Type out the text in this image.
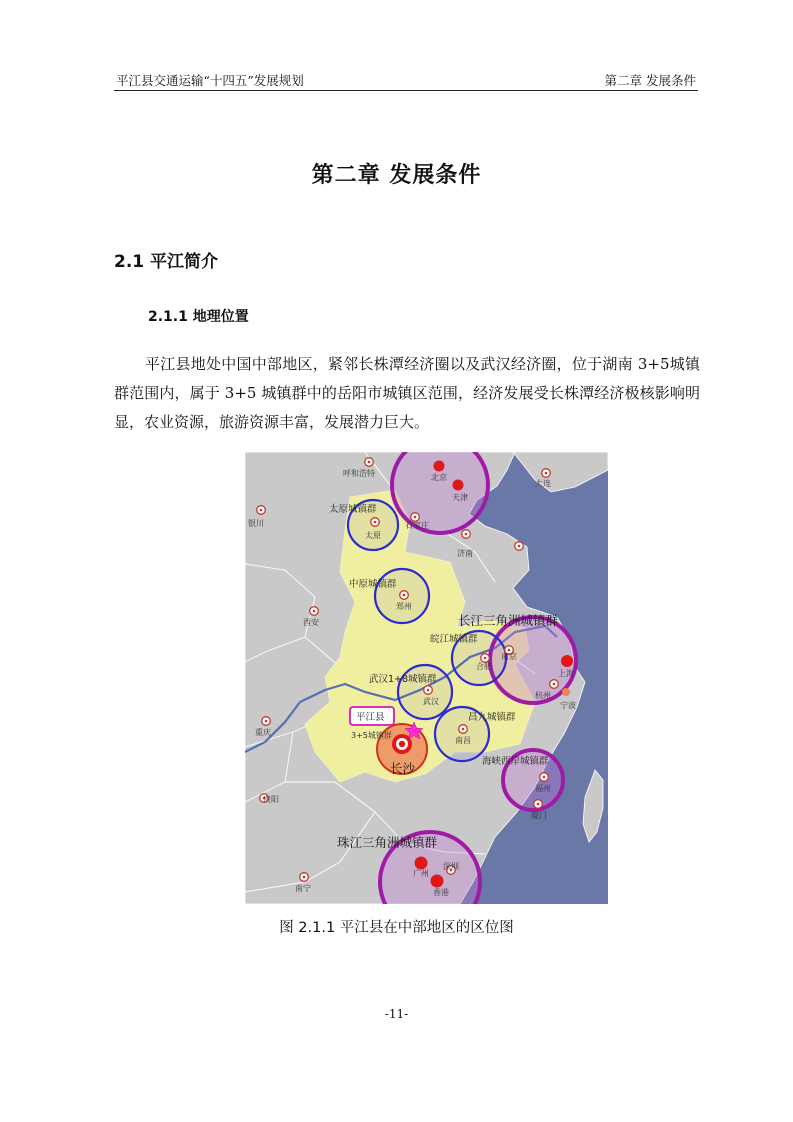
平江县交通运输“十四五”发展规划	第二章 发展条件
第二章 发展条件
2.1 平江简介
2.1.1 地理位置
平江县地处中国中部地区，紧邻长株潭经济圈以及武汉经济圈，位于湖南 3+5城镇群范围内，属于 3+5 城镇群中的岳阳市城镇区范围，经济发展受长株潭经济极核影响明显，农业资源，旅游资源丰富，发展潜力巨大。
呼和浩特	北京
天津
大连
银川
太原
石家庄
济南
郑州
西安
南京
合肥
上海
杭州
宁波
武汉
南昌
重庆
福州
厦门
贵阳
广州
深圳
香港
南宁
太原城镇群
中原城镇群
长江三角洲城镇群
皖江城镇群
武汉1+8城镇群
昌九城镇群
3+5城镇群
长沙	海峡西岸城镇群
珠江三角洲城镇群
平江县
图 2.1.1 平江县在中部地区的区位图
-11-
